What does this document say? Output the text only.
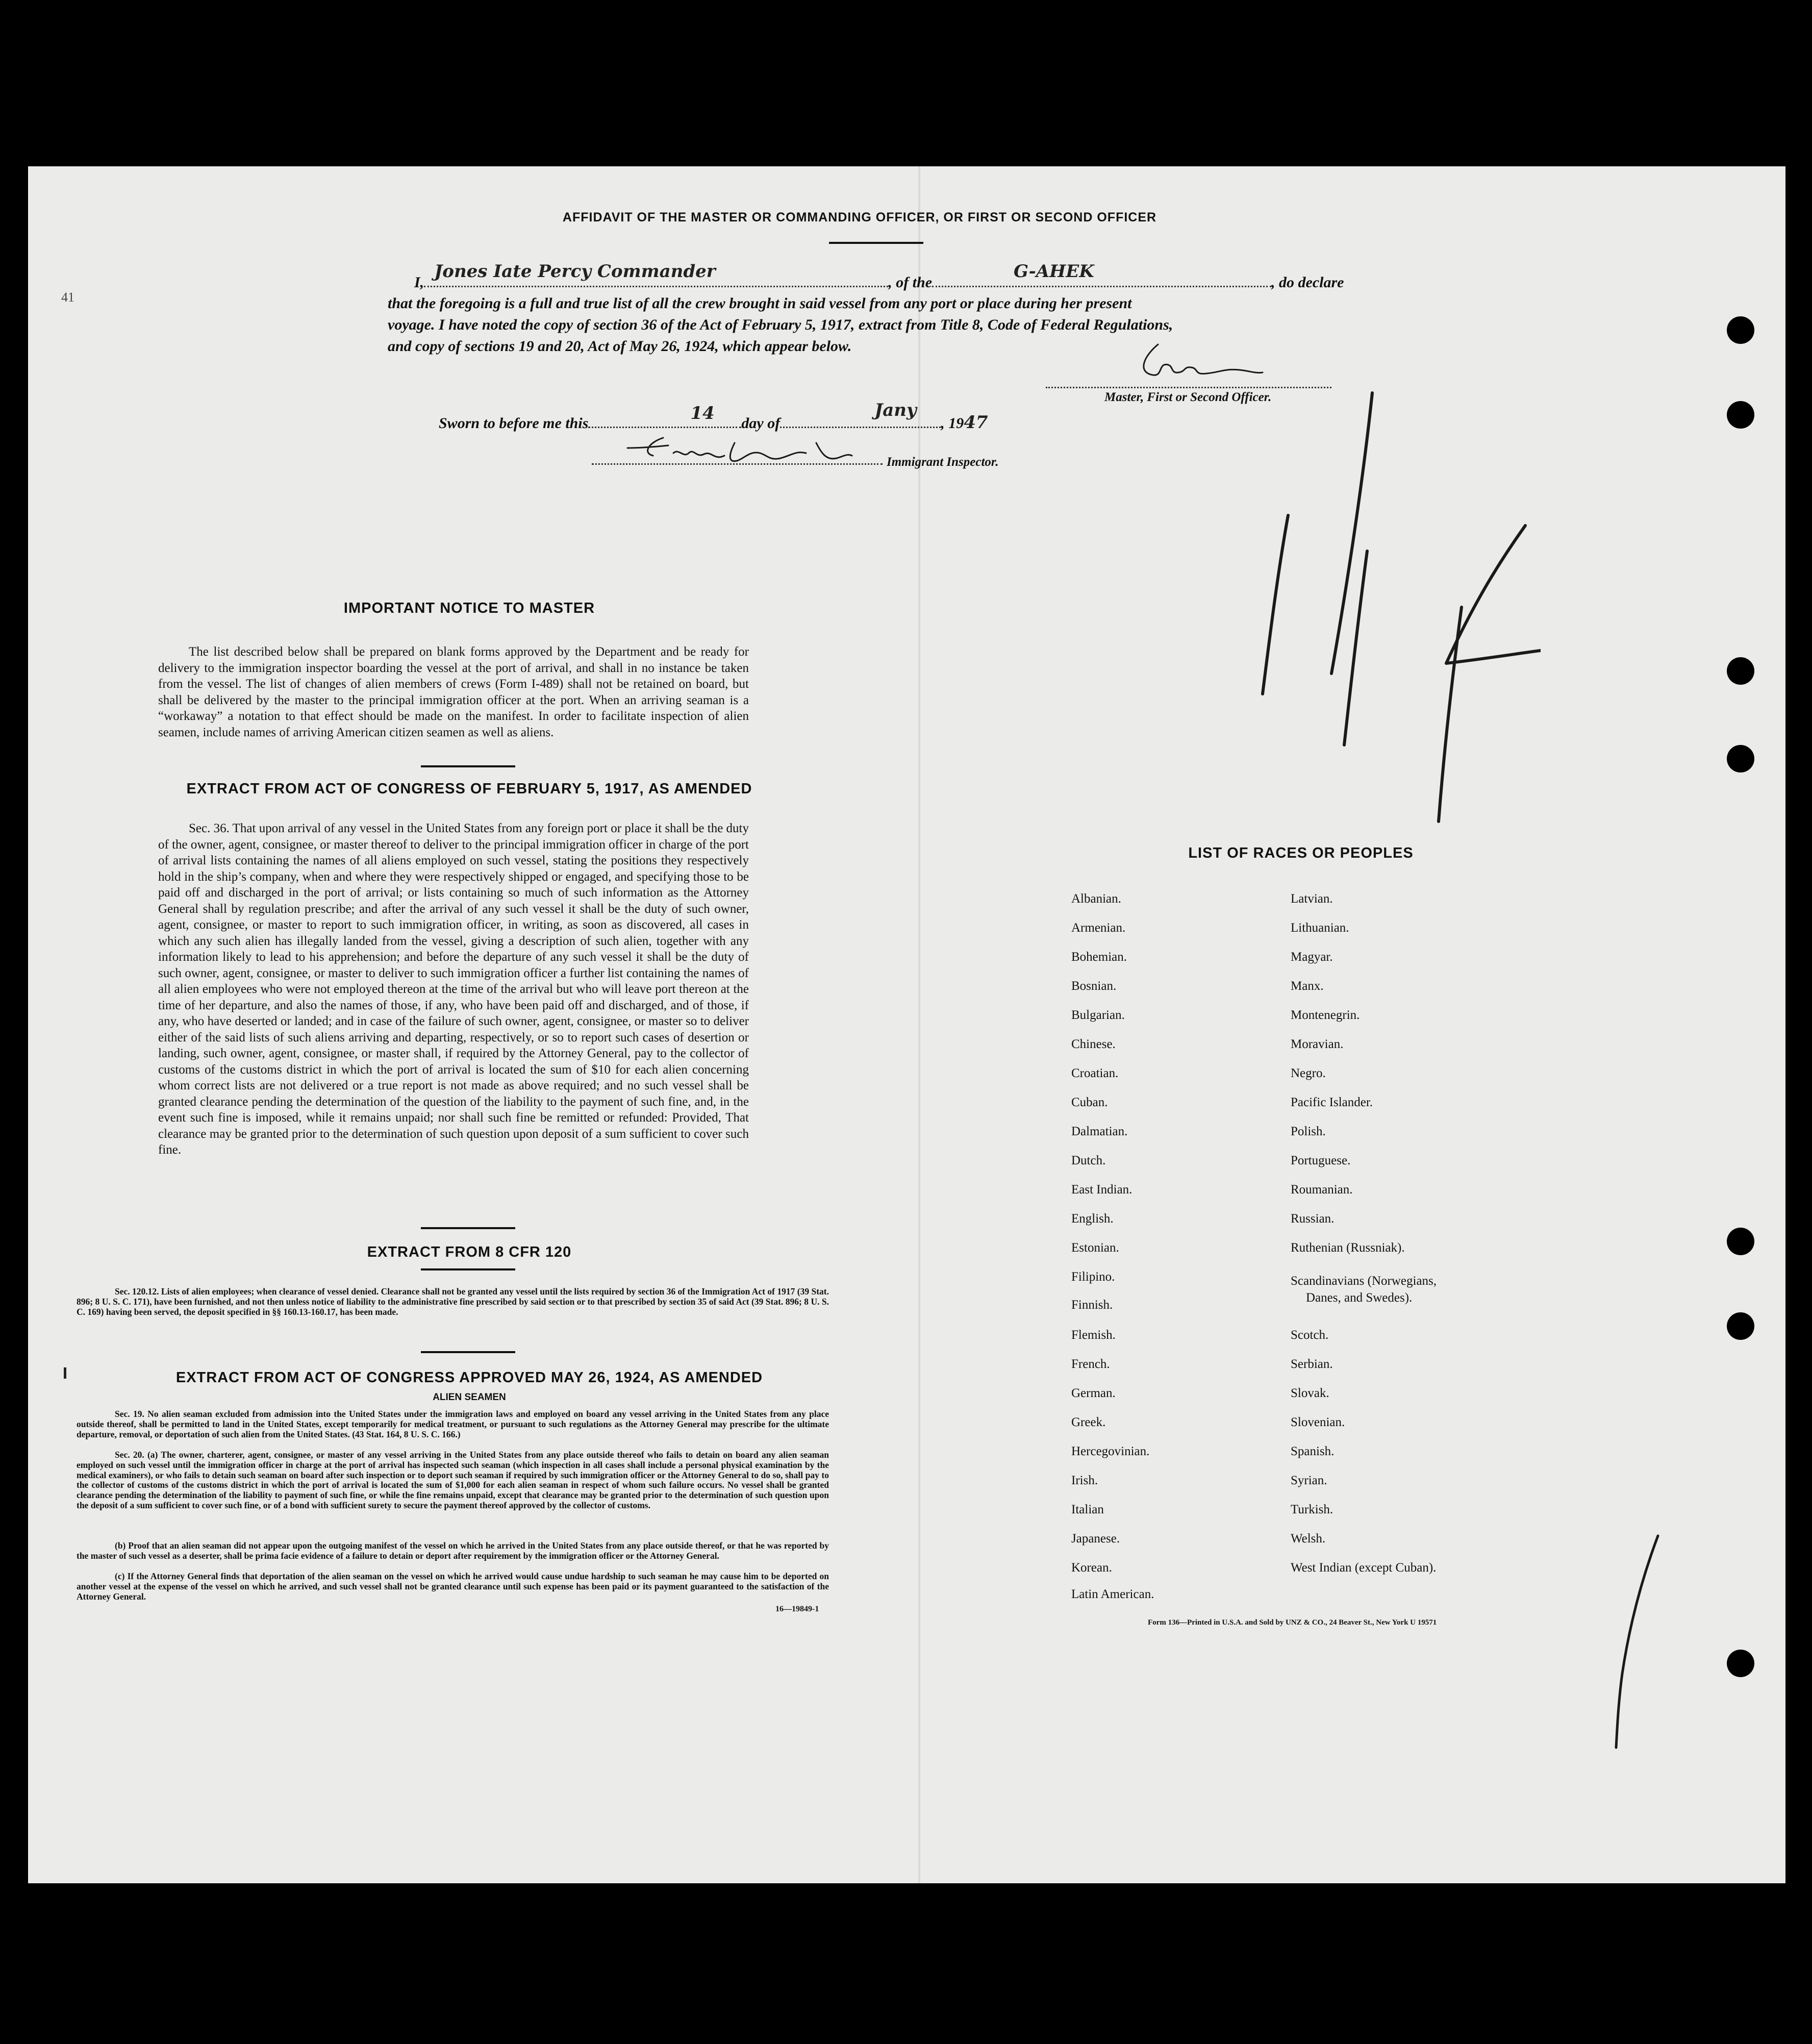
41
AFFIDAVIT OF THE MASTER OR COMMANDING OFFICER, OR FIRST OR SECOND OFFICER
I,
Jones Iate Percy Commander
, of the
G-AHEK
, do declare
that the foregoing is a full and true list of all the crew brought in said vessel from any port or place during her present
voyage. I have noted the copy of section 36 of the Act of February 5, 1917, extract from Title 8, Code of Federal Regulations,
and copy of sections 19 and 20, Act of May 26, 1924, which appear below.
Master, First or Second Officer.
Sworn to before me this	14 day of
Jany
, 1947
Immigrant Inspector.
IMPORTANT NOTICE TO MASTER
The list described below shall be prepared on blank forms approved by the Department and be ready for delivery to the immigration inspector boarding the vessel at the port of arrival, and shall in no instance be taken from the vessel. The list of changes of alien members of crews (Form I-489) shall not be retained on board, but shall be delivered by the master to the principal immigration officer at the port. When an arriving seaman is a “workaway” a notation to that effect should be made on the manifest. In order to facilitate inspection of alien seamen, include names of arriving American citizen seamen as well as aliens.
EXTRACT FROM ACT OF CONGRESS OF FEBRUARY 5, 1917, AS AMENDED
Sec. 36. That upon arrival of any vessel in the United States from any foreign port or place it shall be the duty of the owner, agent, consignee, or master thereof to deliver to the principal immigration officer in charge of the port of arrival lists containing the names of all aliens employed on such vessel, stating the positions they respectively hold in the ship’s company, when and where they were respectively shipped or engaged, and specifying those to be paid off and discharged in the port of arrival; or lists containing so much of such information as the Attorney General shall by regulation prescribe; and after the arrival of any such vessel it shall be the duty of such owner, agent, consignee, or master to report to such immigration officer, in writing, as soon as discovered, all cases in which any such alien has illegally landed from the vessel, giving a description of such alien, together with any information likely to lead to his apprehension; and before the departure of any such vessel it shall be the duty of such owner, agent, consignee, or master to deliver to such immigration officer a further list containing the names of all alien employees who were not employed thereon at the time of the arrival but who will leave port thereon at the time of her departure, and also the names of those, if any, who have been paid off and discharged, and of those, if any, who have deserted or landed; and in case of the failure of such owner, agent, consignee, or master so to deliver either of the said lists of such aliens arriving and departing, respectively, or so to report such cases of desertion or landing, such owner, agent, consignee, or master shall, if required by the Attorney General, pay to the collector of customs of the customs district in which the port of arrival is located the sum of $10 for each alien concerning whom correct lists are not delivered or a true report is not made as above required; and no such vessel shall be granted clearance pending the determination of the question of the liability to the payment of such fine, and, in the event such fine is imposed, while it remains unpaid; nor shall such fine be remitted or refunded: Provided, That clearance may be granted prior to the determination of such question upon deposit of a sum sufficient to cover such fine.
EXTRACT FROM 8 CFR 120
Sec. 120.12. Lists of alien employees; when clearance of vessel denied. Clearance shall not be granted any vessel until the lists required by section 36 of the Immigration Act of 1917 (39 Stat. 896; 8 U. S. C. 171), have been furnished, and not then unless notice of liability to the administrative fine prescribed by said section or to that prescribed by section 35 of said Act (39 Stat. 896; 8 U. S. C. 169) having been served, the deposit specified in §§ 160.13-160.17, has been made.
EXTRACT FROM ACT OF CONGRESS APPROVED MAY 26, 1924, AS AMENDED
ALIEN SEAMEN
Sec. 19. No alien seaman excluded from admission into the United States under the immigration laws and employed on board any vessel arriving in the United States from any place outside thereof, shall be permitted to land in the United States, except temporarily for medical treatment, or pursuant to such regulations as the Attorney General may prescribe for the ultimate departure, removal, or deportation of such alien from the United States. (43 Stat. 164, 8 U. S. C. 166.)
Sec. 20. (a) The owner, charterer, agent, consignee, or master of any vessel arriving in the United States from any place outside thereof who fails to detain on board any alien seaman employed on such vessel until the immigration officer in charge at the port of arrival has inspected such seaman (which inspection in all cases shall include a personal physical examination by the medical examiners), or who fails to detain such seaman on board after such inspection or to deport such seaman if required by such immigration officer or the Attorney General to do so, shall pay to the collector of customs of the customs district in which the port of arrival is located the sum of $1,000 for each alien seaman in respect of whom such failure occurs. No vessel shall be granted clearance pending the determination of the liability to payment of such fine, or while the fine remains unpaid, except that clearance may be granted prior to the determination of such question upon the deposit of a sum sufficient to cover such fine, or of a bond with sufficient surety to secure the payment thereof approved by the collector of customs.
(b) Proof that an alien seaman did not appear upon the outgoing manifest of the vessel on which he arrived in the United States from any place outside thereof, or that he was reported by the master of such vessel as a deserter, shall be prima facie evidence of a failure to detain or deport after requirement by the immigration officer or the Attorney General.
(c) If the Attorney General finds that deportation of the alien seaman on the vessel on which he arrived would cause undue hardship to such seaman he may cause him to be deported on another vessel at the expense of the vessel on which he arrived, and such vessel shall not be granted clearance until such expense has been paid or its payment guaranteed to the satisfaction of the Attorney General.
16—19849-1
LIST OF RACES OR PEOPLES
Albanian.
Armenian.
Bohemian.
Bosnian.
Bulgarian.
Chinese.
Croatian.
Cuban.
Dalmatian.
Dutch.
East Indian.
English.
Estonian.
Filipino.
Finnish.
Flemish.
French.
German.
Greek.
Hercegovinian.
Irish.
Italian
Japanese.
Korean.
Latin American.
Latvian.
Lithuanian.
Magyar.
Manx.
Montenegrin.
Moravian.
Negro.
Pacific Islander.
Polish.
Portuguese.
Roumanian.
Russian.
Ruthenian (Russniak).
Scandinavians (Norwegians,
Danes, and Swedes).
Scotch.
Serbian.
Slovak.
Slovenian.
Spanish.
Syrian.
Turkish.
Welsh.
West Indian (except Cuban).
Form 136—Printed in U.S.A. and Sold by UNZ & CO., 24 Beaver St., New York U 19571
